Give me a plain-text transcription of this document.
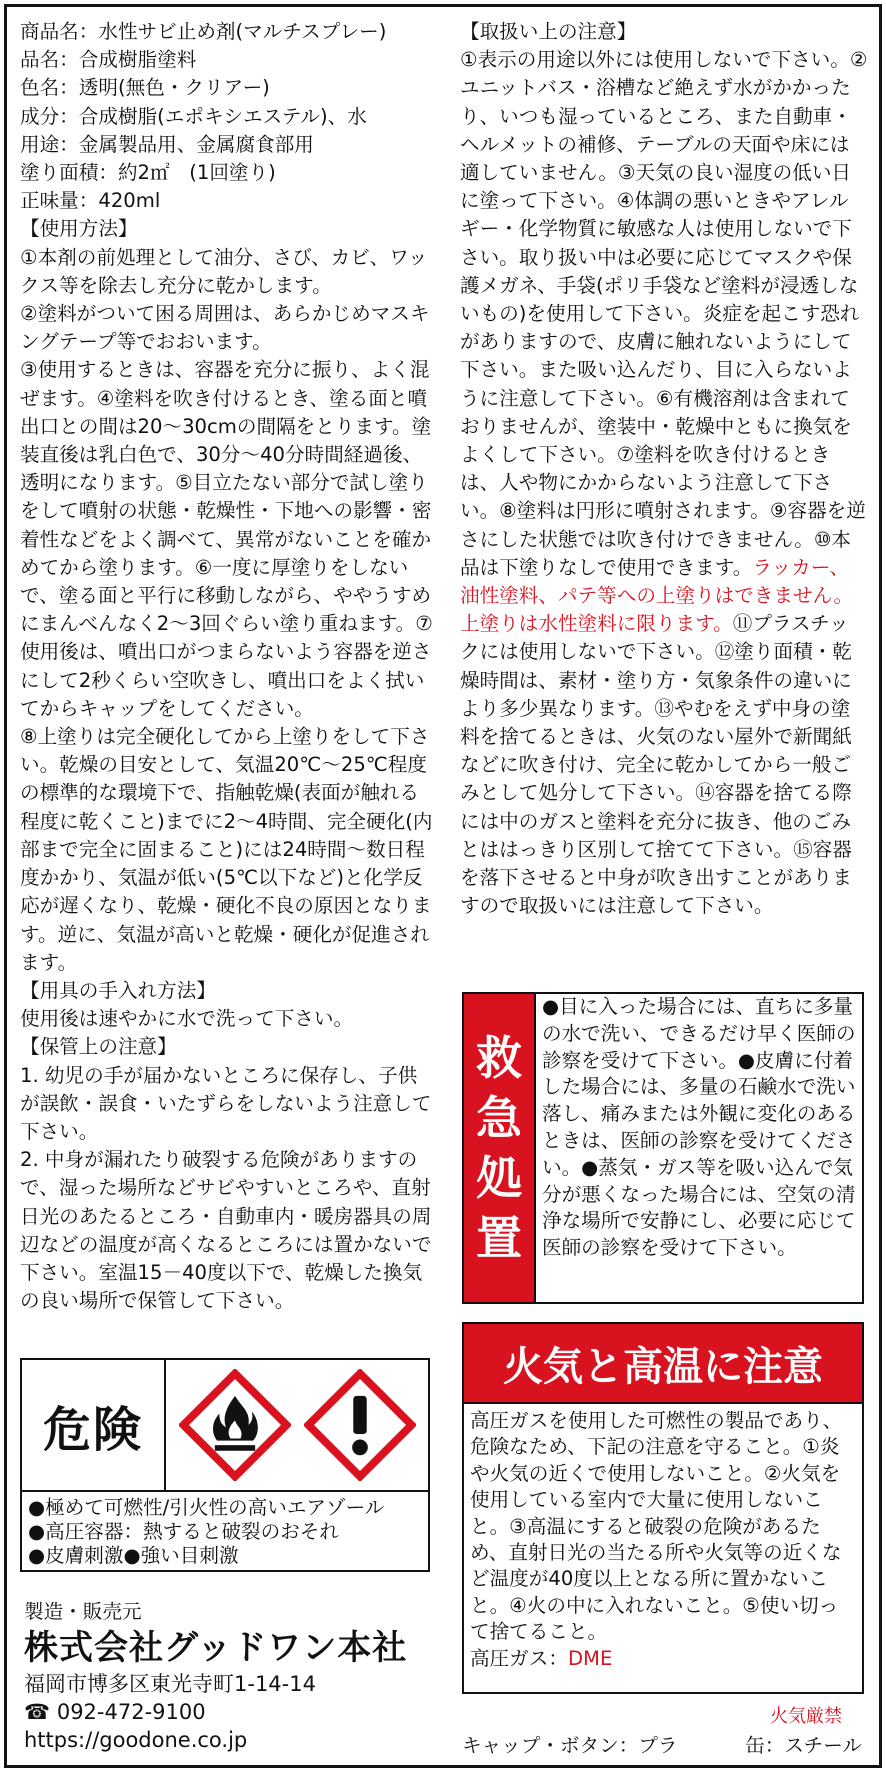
商品名：水性サビ止め剤(マルチスプレー)
品名：合成樹脂塗料
色名：透明(無色・クリアー)
成分：合成樹脂(エポキシエステル)、水
用途：金属製品用、金属腐食部用
塗り面積：約2㎡　(1回塗り)
正味量：420ml

【使用方法】

①本剤の前処理として油分、さび、カビ、ワックス等を除去し充分に乾かします。

②塗料がついて困る周囲は、あらかじめマスキングテープ等でおおいます。

③使用するときは、容器を充分に振り、よく混ぜます。④塗料を吹き付けるとき、塗る面と噴出口との間は20～30cmの間隔をとります。塗装直後は乳白色で、30分～40分時間経過後、透明になります。⑤目立たない部分で試し塗りをして噴射の状態・乾燥性・下地への影響・密着性などをよく調べて、異常がないことを確かめてから塗ります。⑥一度に厚塗りをしないで、塗る面と平行に移動しながら、ややうすめにまんべんなく2～3回ぐらい塗り重ねます。⑦使用後は、噴出口がつまらないよう容器を逆さにして2秒くらい空吹きし、噴出口をよく拭いてからキャップをしてください。

⑧上塗りは完全硬化してから上塗りをして下さい。乾燥の目安として、気温20℃～25℃程度の標準的な環境下で、指触乾燥(表面が触れる程度に乾くこと)までに2～4時間、完全硬化(内部まで完全に固まること)には24時間～数日程度かかり、気温が低い(5℃以下など)と化学反応が遅くなり、乾燥・硬化不良の原因となります。逆に、気温が高いと乾燥・硬化が促進されます。

【用具の手入れ方法】

使用後は速やかに水で洗って下さい。

【保管上の注意】

1. 幼児の手が届かないところに保存し、子供が誤飲・誤食・いたずらをしないよう注意して下さい。

2. 中身が漏れたり破裂する危険がありますので、湿った場所などサビやすいところや、直射日光のあたるところ・自動車内・暖房器具の周辺などの温度が高くなるところには置かないで下さい。室温15－40度以下で、乾燥した換気の良い場所で保管して下さい。

危険
●極めて可燃性/引火性の高いエアゾール
●高圧容器：熱すると破裂のおそれ
●皮膚刺激●強い目刺激
製造・販売元
株式会社グッドワン本社
福岡市博多区東光寺町1-14-14
☎ 092-472-9100
https://goodone.co.jp

【取扱い上の注意】

①表示の用途以外には使用しないで下さい。②ユニットバス・浴槽など絶えず水がかかったり、いつも湿っているところ、また自動車・ヘルメットの補修、テーブルの天面や床には適していません。③天気の良い湿度の低い日に塗って下さい。④体調の悪いときやアレルギー・化学物質に敏感な人は使用しないで下さい。取り扱い中は必要に応じてマスクや保護メガネ、手袋(ポリ手袋など塗料が浸透しないもの)を使用して下さい。炎症を起こす恐れがありますので、皮膚に触れないようにして下さい。また吸い込んだり、目に入らないように注意して下さい。⑥有機溶剤は含まれておりませんが、塗装中・乾燥中ともに換気をよくして下さい。⑦塗料を吹き付けるときは、人や物にかからないよう注意して下さい。⑧塗料は円形に噴射されます。⑨容器を逆さにした状態では吹き付けできません。⑩本品は下塗りなしで使用できます。ラッカー、油性塗料、パテ等への上塗りはできません。上塗りは水性塗料に限ります。⑪プラスチックには使用しないで下さい。⑫塗り面積・乾燥時間は、素材・塗り方・気象条件の違いにより多少異なります。⑬やむをえず中身の塗料を捨てるときは、火気のない屋外で新聞紙などに吹き付け、完全に乾かしてから一般ごみとして処分して下さい。⑭容器を捨てる際には中のガスと塗料を充分に抜き、他のごみとははっきり区別して捨てて下さい。⑮容器を落下させると中身が吹き出すことがありますので取扱いには注意して下さい。

救
急
処
置
●目に入った場合には、直ちに多量の水で洗い、できるだけ早く医師の診察を受けて下さい。●皮膚に付着した場合には、多量の石鹸水で洗い落し、痛みまたは外観に変化のあるときは、医師の診察を受けてください。●蒸気・ガス等を吸い込んで気分が悪くなった場合には、空気の清浄な場所で安静にし、必要に応じて医師の診察を受けて下さい。
火気と高温に注意
高圧ガスを使用した可燃性の製品であり、危険なため、下記の注意を守ること。①炎や火気の近くで使用しないこと。②火気を使用している室内で大量に使用しないこと。③高温にすると破裂の危険があるため、直射日光の当たる所や火気等の近くなど温度が40度以上となる所に置かないこと。④火の中に入れないこと。⑤使い切って捨てること。
高圧ガス：DME
火気厳禁
キャップ・ボタン：プラ	缶：スチール
